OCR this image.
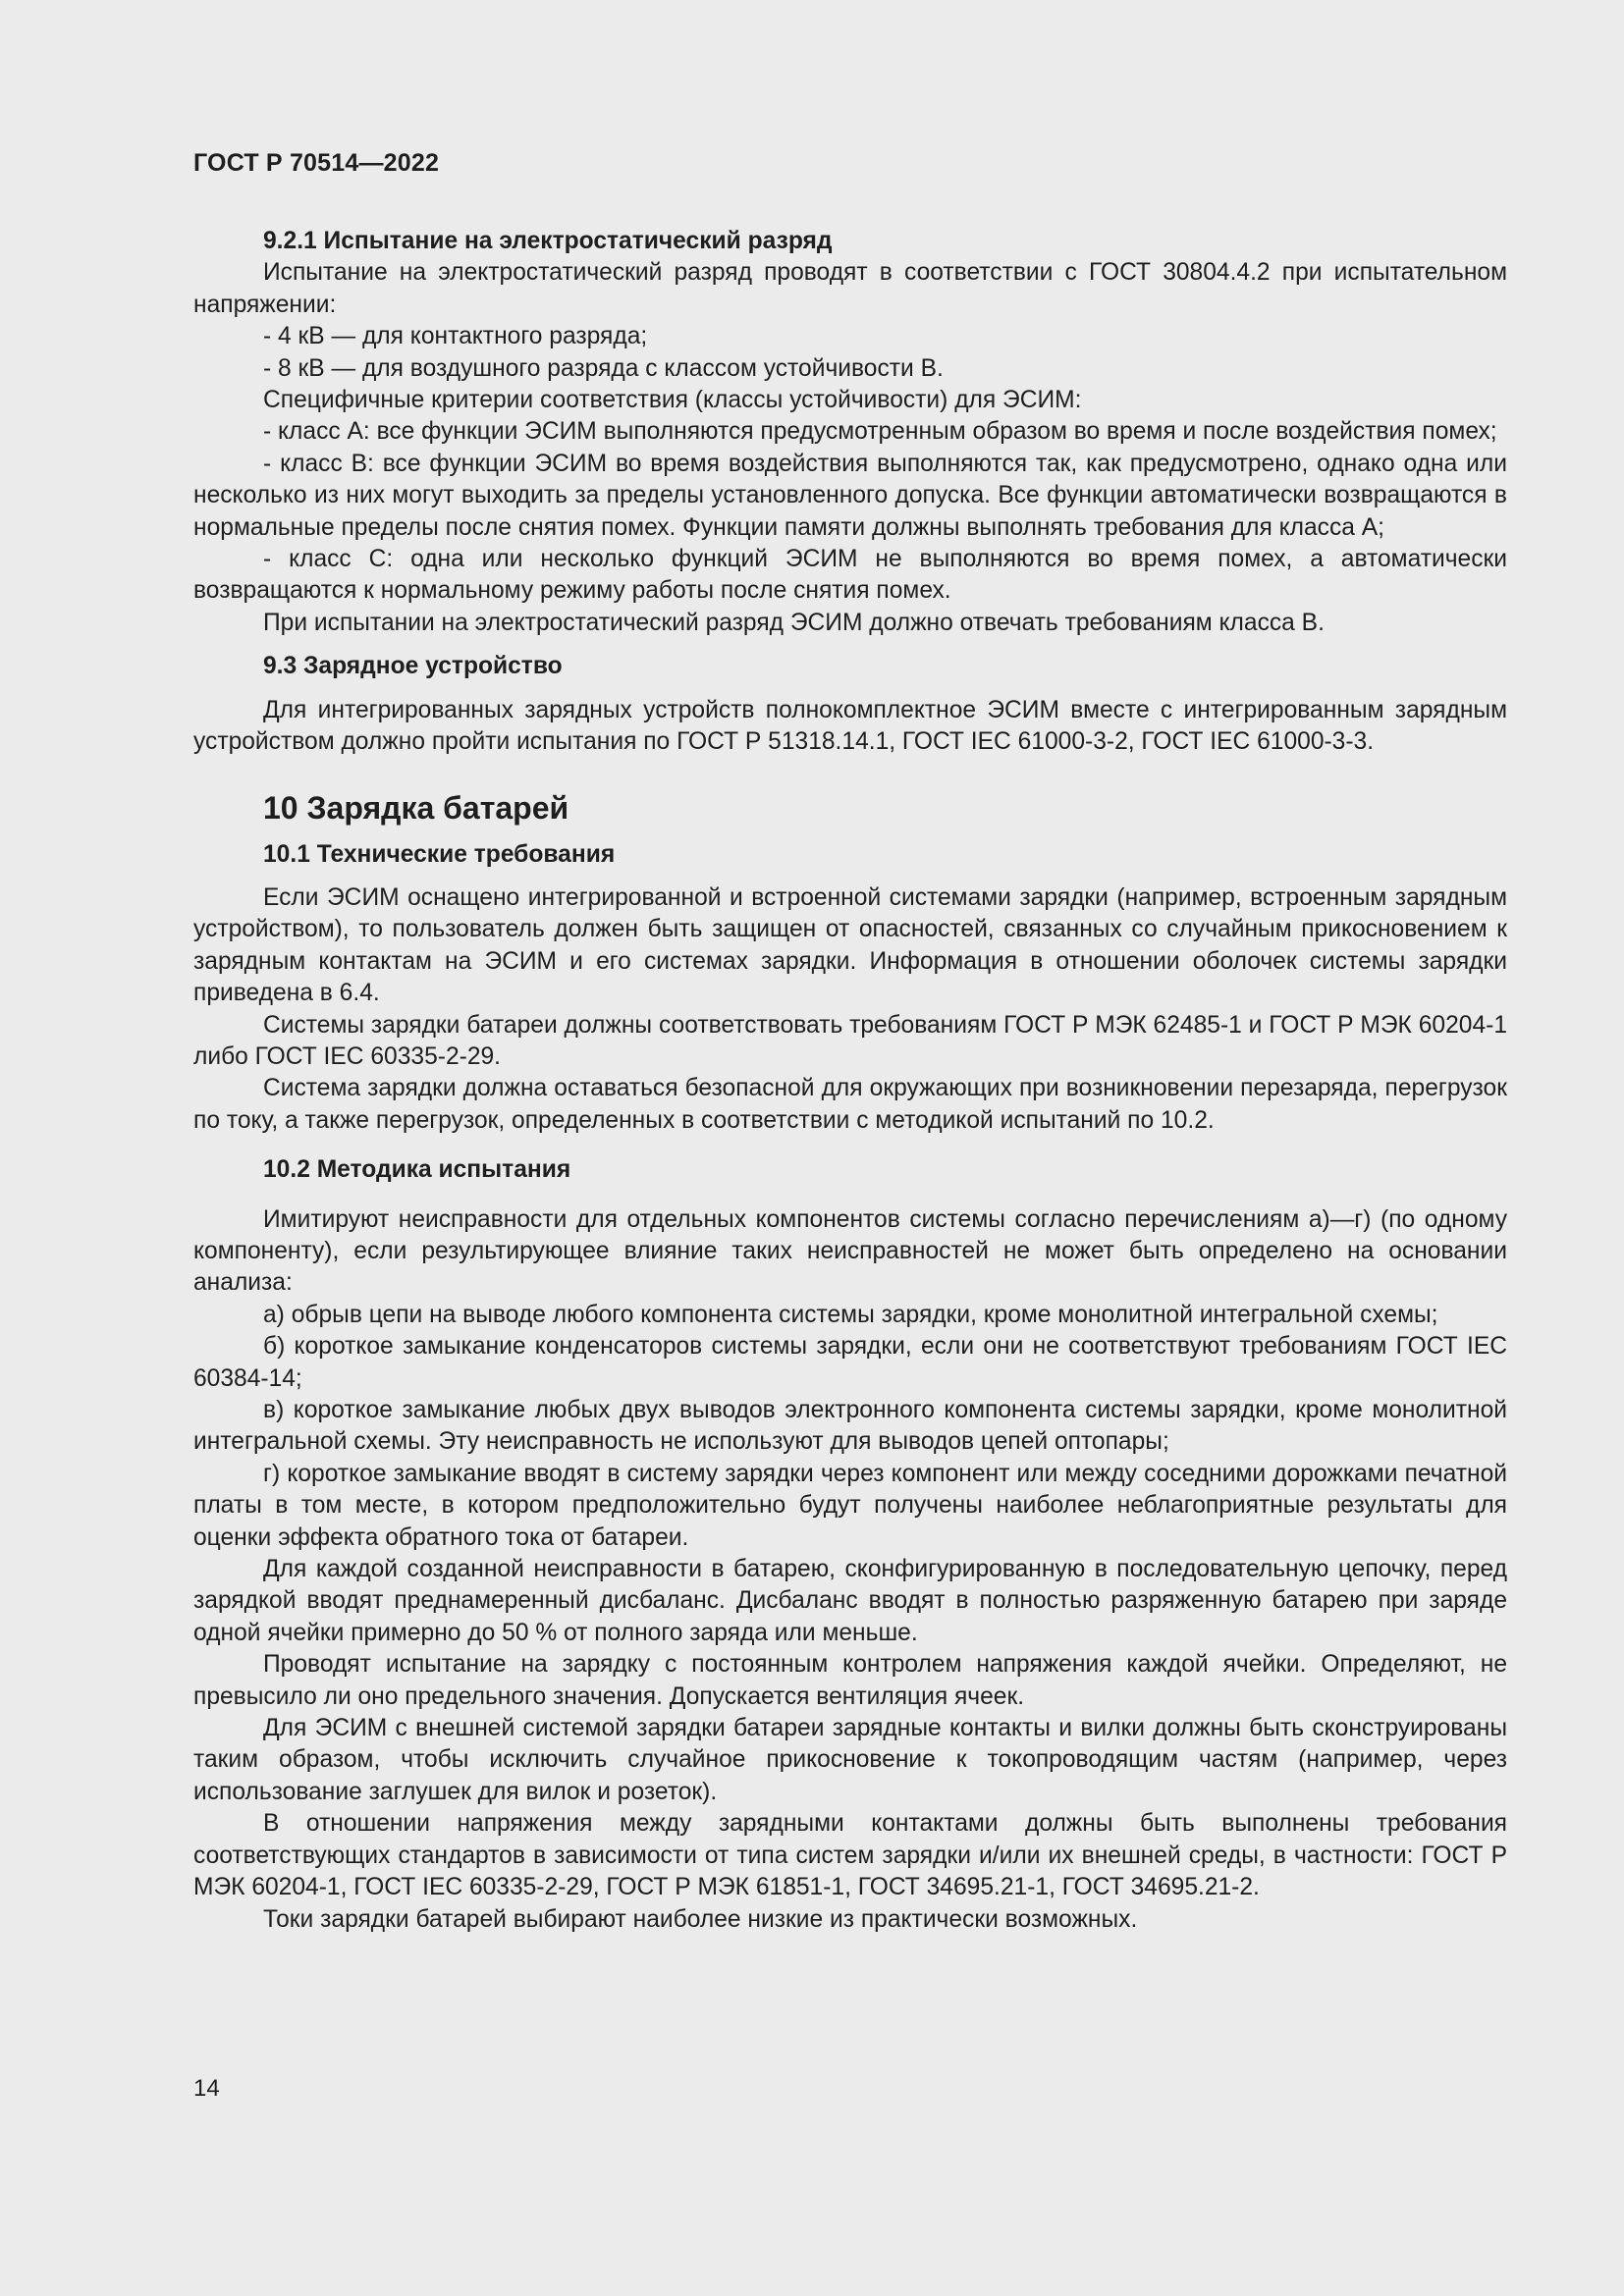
ГОСТ Р 70514—2022

9.2.1 Испытание на электростатический разряд

Испытание на электростатический разряд проводят в соответствии с ГОСТ 30804.4.2 при испытательном напряжении:

- 4 кВ — для контактного разряда;

- 8 кВ — для воздушного разряда с классом устойчивости В.

Специфичные критерии соответствия (классы устойчивости) для ЭСИМ:

- класс А: все функции ЭСИМ выполняются предусмотренным образом во время и после воздействия помех;

- класс В: все функции ЭСИМ во время воздействия выполняются так, как предусмотрено, однако одна или несколько из них могут выходить за пределы установленного допуска. Все функции автоматически возвращаются в нормальные пределы после снятия помех. Функции памяти должны выполнять требования для класса А;

- класс С: одна или несколько функций ЭСИМ не выполняются во время помех, а автоматически возвращаются к нормальному режиму работы после снятия помех.

При испытании на электростатический разряд ЭСИМ должно отвечать требованиям класса В.

9.3 Зарядное устройство

Для интегрированных зарядных устройств полнокомплектное ЭСИМ вместе с интегрированным зарядным устройством должно пройти испытания по ГОСТ Р 51318.14.1, ГОСТ IEC 61000-3-2, ГОСТ IEC 61000-3-3.

10 Зарядка батарей

10.1 Технические требования

Если ЭСИМ оснащено интегрированной и встроенной системами зарядки (например, встроенным зарядным устройством), то пользователь должен быть защищен от опасностей, связанных со случайным прикосновением к зарядным контактам на ЭСИМ и его системах зарядки. Информация в отношении оболочек системы зарядки приведена в 6.4.

Системы зарядки батареи должны соответствовать требованиям ГОСТ Р МЭК 62485-1 и ГОСТ Р МЭК 60204-1 либо ГОСТ IEC 60335-2-29.

Система зарядки должна оставаться безопасной для окружающих при возникновении перезаряда, перегрузок по току, а также перегрузок, определенных в соответствии с методикой испытаний по 10.2.

10.2 Методика испытания

Имитируют неисправности для отдельных компонентов системы согласно перечислениям а)—г) (по одному компоненту), если результирующее влияние таких неисправностей не может быть определено на основании анализа:

а) обрыв цепи на выводе любого компонента системы зарядки, кроме монолитной интегральной схемы;

б) короткое замыкание конденсаторов системы зарядки, если они не соответствуют требованиям ГОСТ IEC 60384-14;

в) короткое замыкание любых двух выводов электронного компонента системы зарядки, кроме монолитной интегральной схемы. Эту неисправность не используют для выводов цепей оптопары;

г) короткое замыкание вводят в систему зарядки через компонент или между соседними дорожками печатной платы в том месте, в котором предположительно будут получены наиболее неблагоприятные результаты для оценки эффекта обратного тока от батареи.

Для каждой созданной неисправности в батарею, сконфигурированную в последовательную цепочку, перед зарядкой вводят преднамеренный дисбаланс. Дисбаланс вводят в полностью разряженную батарею при заряде одной ячейки примерно до 50 % от полного заряда или меньше.

Проводят испытание на зарядку с постоянным контролем напряжения каждой ячейки. Определяют, не превысило ли оно предельного значения. Допускается вентиляция ячеек.

Для ЭСИМ с внешней системой зарядки батареи зарядные контакты и вилки должны быть сконструированы таким образом, чтобы исключить случайное прикосновение к токопроводящим частям (например, через использование заглушек для вилок и розеток).

В отношении напряжения между зарядными контактами должны быть выполнены требования соответствующих стандартов в зависимости от типа систем зарядки и/или их внешней среды, в частности: ГОСТ Р МЭК 60204-1, ГОСТ IEC 60335-2-29, ГОСТ Р МЭК 61851-1, ГОСТ 34695.21-1, ГОСТ 34695.21-2.

Токи зарядки батарей выбирают наиболее низкие из практически возможных.

14
